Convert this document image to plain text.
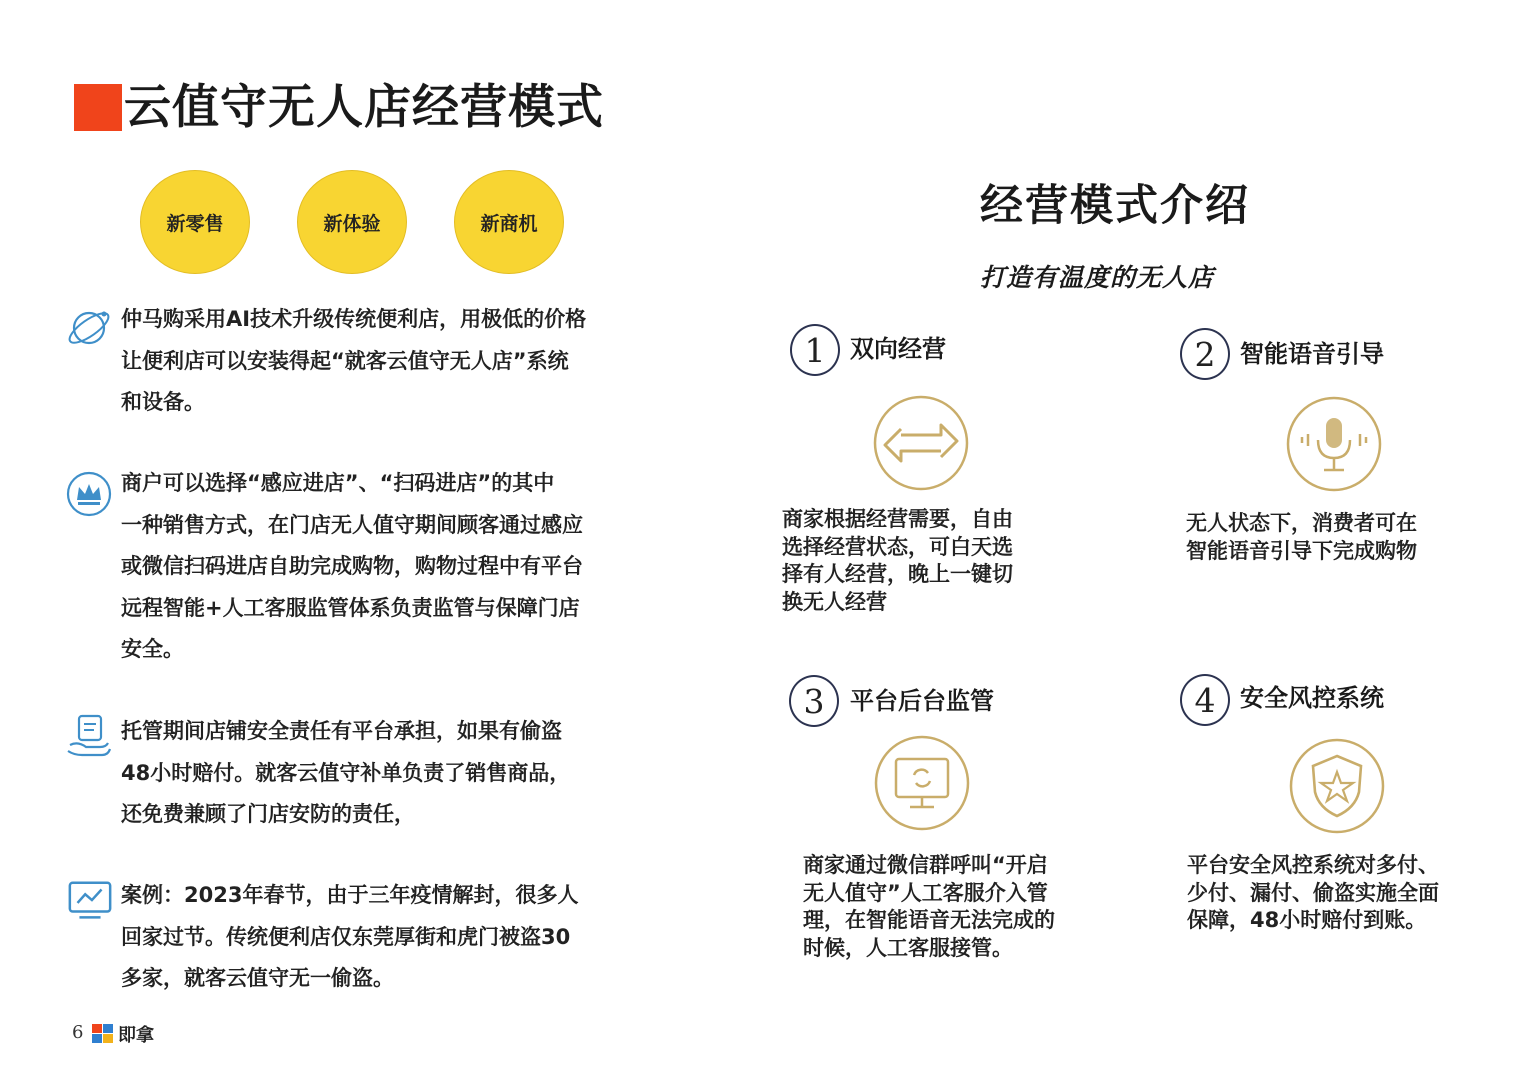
云值守无人店经营模式
新零售	新体验	新商机
仲马购采用AI技术升级传统便利店，用极低的价格
让便利店可以安装得起“就客云值守无人店”系统
和设备。
商户可以选择“感应进店”、“扫码进店”的其中
一种销售方式，在门店无人值守期间顾客通过感应
或微信扫码进店自助完成购物，购物过程中有平台
远程智能+人工客服监管体系负责监管与保障门店
安全。
托管期间店铺安全责任有平台承担，如果有偷盗
48小时赔付。就客云值守补单负责了销售商品，
还免费兼顾了门店安防的责任，
案例：2023年春节，由于三年疫情解封，很多人
回家过节。传统便利店仅东莞厚街和虎门被盗30
多家，就客云值守无一偷盗。
6 即拿
经营模式介绍
打造有温度的无人店
1	双向经营
商家根据经营需要，自由
选择经营状态，可白天选
择有人经营，晚上一键切
换无人经营
2	智能语音引导
无人状态下，消费者可在
智能语音引导下完成购物
3	平台后台监管
商家通过微信群呼叫“开启
无人值守”人工客服介入管
理，在智能语音无法完成的
时候，人工客服接管。
4	安全风控系统
平台安全风控系统对多付、
少付、漏付、偷盗实施全面
保障，48小时赔付到账。
